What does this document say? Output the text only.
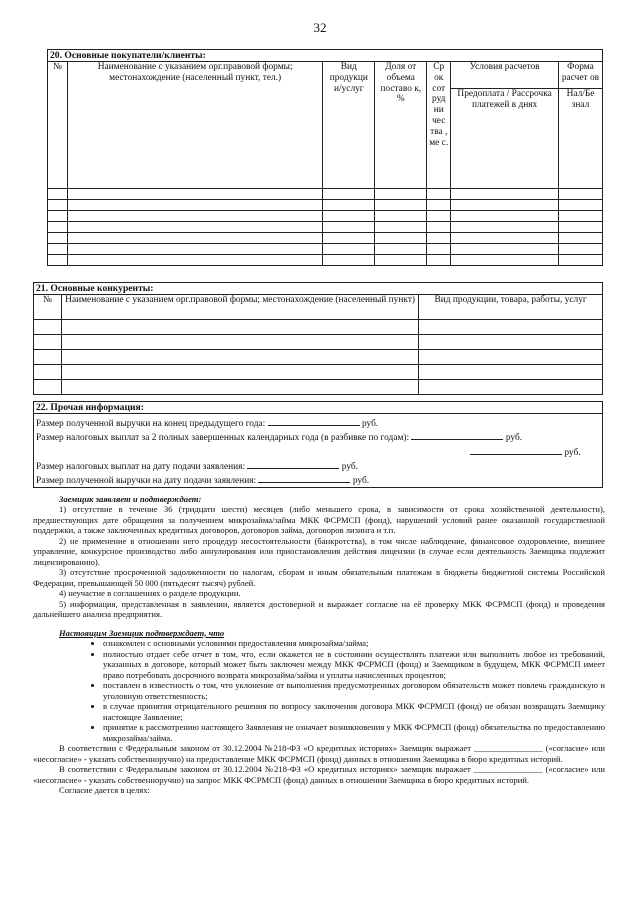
32
20. Основные покупатели/клиенты:						
№	Наименование с указанием орг.правовой формы; местонахождение (населенный пункт, тел.)	Вид продукци и/услуг	Доля от объема поставо к, %	Ср ок сот руд ни чес тва , ме с.	Условия расчетов	Форма расчет ов
					Предоплата / Рассрочка платежей в днях	Нал/Бе знал

21. Основные конкуренты:		
№	Наименование с указанием орг.правовой формы; местонахождение (населенный пункт)	Вид продукции, товара, работы, услуг

22. Прочая информация:

Размер полученной выручки на конец предыдущего года:	руб.
Размер налоговых выплат за 2 полных завершенных календарных года (в разбивке по годам):	руб.
руб.
Размер налоговых выплат на дату подачи заявления:	руб.
Размер полученной выручки на дату подачи заявления:	руб.

Заемщик заявляет и подтверждает:

1) отсутствие в течение 36 (тридцати шести) месяцев (либо меньшего срока, в зависимости от срока хозяйственной деятельности), предшествующих дате обращения за получением микрозайма/займа МКК ФСРМСП (фонд), нарушений условий ранее оказанной государственной поддержки, а также заключенных кредитных договоров, договоров займа, договоров лизинга и т.п.

2) не применение в отношении него процедур несостоятельности (банкротства), в том числе наблюдение, финансовое оздоровление, внешнее управление, конкурсное производство либо аннулирования или приостановления действия лицензии (в случае если деятельность Заемщика подлежит лицензированию).

3) отсутствие просроченной задолженности по налогам, сборам и иным обязательным платежам в бюджеты бюджетной системы Российской Федерации, превышающей 50 000 (пятьдесят тысяч) рублей.

4) неучастие в соглашениях о разделе продукции.

5) информация, представленная в заявлении, является достоверной и выражает согласие на её проверку МКК ФСРМСП (фонд) и проведения дальнейшего анализа предприятия.

Настоящим Заемщик подтверждает, что

• ознакомлен с основными условиями предоставления микрозайма/займа;
• полностью отдает себе отчет в том, что, если окажется не в состоянии осуществлять платежи или выполнить любое из требований, указанных в договоре, который может быть заключен между МКК ФСРМСП (фонд) и Заемщиком в будущем, МКК ФСРМСП имеет право потребовать досрочного возврата микрозайма/займа и уплаты начисленных процентов;
• поставлен в известность о том, что уклонение от выполнения предусмотренных договором обязательств может повлечь гражданскую и уголовную ответственность;
• в случае принятия отрицательного решения по вопросу заключения договора МКК ФСРМСП (фонд) не обязан возвращать Заемщику настоящее Заявление;
• принятие к рассмотрению настоящего Заявления не означает возникновения у МКК ФСРМСП (фонд) обязательства по предоставлению микрозайма/займа.

В соответствии с Федеральным законом от 30.12.2004 №218-ФЗ «О кредитных историях» Заемщик выражает ________________ («согласие» или «несогласие» - указать собственноручно) на предоставление МКК ФСРМСП (фонд) данных в отношении Заемщика в бюро кредитных историй.

В соответствии с Федеральным законом от 30.12.2004 №218-ФЗ «О кредитных историях» заемщик выражает ________________ («согласие» или «несогласие» - указать собственноручно) на запрос МКК ФСРМСП (фонд) данных в отношении Заемщика в бюро кредитных историй.

Согласие дается в целях:
